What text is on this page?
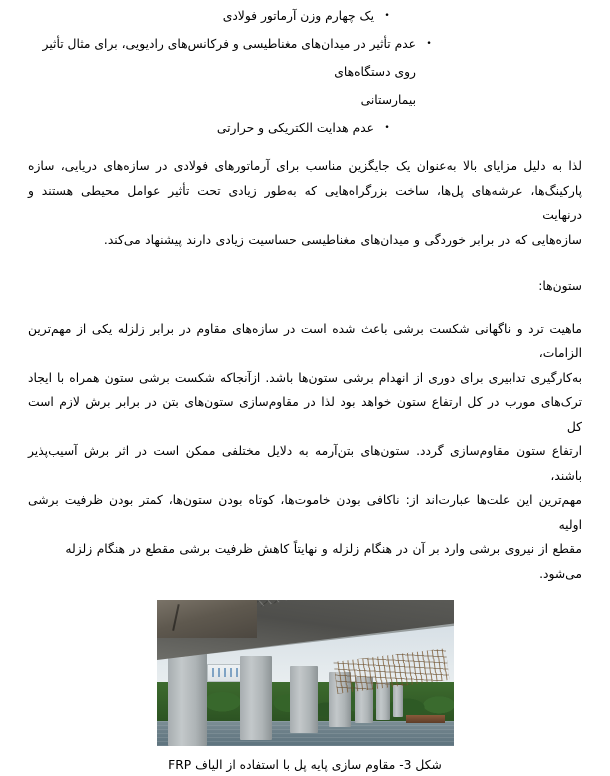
•
یک چهارم وزن آرماتور فولادی
•
عدم تأثیر در میدان‌های مغناطیسی و فرکانس‌های رادیویی، برای مثال تأثیر روی دستگاه‌های
بیمارستانی
•
عدم هدایت الکتریکی و حرارتی
لذا به دلیل مزایای بالا به‌عنوان یک جایگزین مناسب برای آرماتورهای فولادی در سازه‌های دریایی، سازه
پارکینگ‌ها، عرشه‌های پل‌ها، ساخت بزرگراه‌هایی که به‌طور زیادی تحت تأثیر عوامل محیطی هستند و درنهایت
سازه‌هایی که در برابر خوردگی و میدان‌های مغناطیسی حساسیت زیادی دارند پیشنهاد می‌کند.
ستون‌ها:
ماهیت ترد و ناگهانی شکست برشی باعث شده است در سازه‌های مقاوم در برابر زلزله یکی از مهم‌ترین الزامات،
به‌کارگیری تدابیری برای دوری از انهدام برشی ستون‌ها باشد. ازآنجاکه شکست برشی ستون همراه با ایجاد
ترک‌های مورب در کل ارتفاع ستون خواهد بود لذا در مقاوم‌سازی ستون‌های بتن در برابر برش لازم است کل
ارتفاع ستون مقاوم‌سازی گردد. ستون‌های بتن‌آرمه به دلایل مختلفی ممکن است در اثر برش آسیب‌پذیر باشند،
مهم‌ترین این علت‌ها عبارت‌اند از: ناکافی بودن خاموت‌ها، کوتاه بودن ستون‌ها، کمتر بودن ظرفیت برشی اولیه
مقطع از نیروی برشی وارد بر آن در هنگام زلزله و نهایتاً کاهش ظرفیت برشی مقطع در هنگام زلزله می‌شود.
شکل 3- مقاوم سازی پایه پل با استفاده از الیاف FRP
